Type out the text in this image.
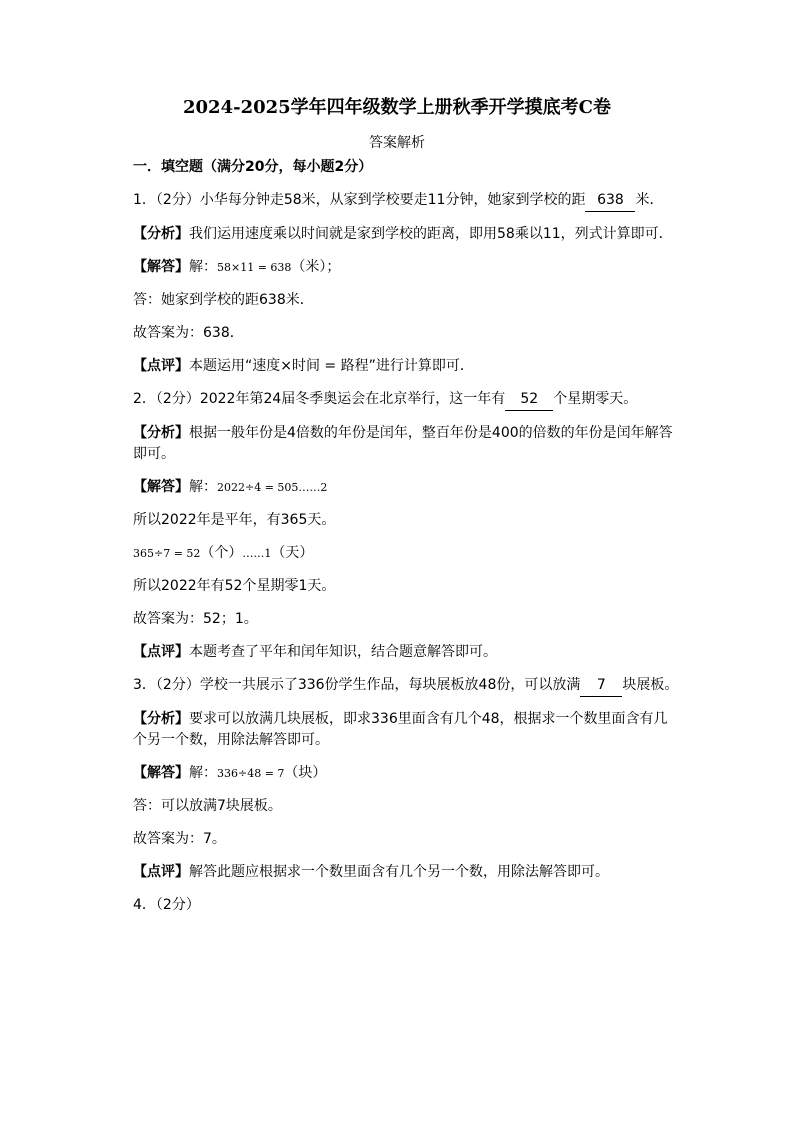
2024-2025学年四年级数学上册秋季开学摸底考C卷
答案解析
一．填空题（满分20分，每小题2分）
1．（2分）小华每分钟走58米，从家到学校要走11分钟，她家到学校的距 638 米．
【分析】我们运用速度乘以时间就是家到学校的距离，即用58乘以11，列式计算即可．
【解答】解：58×11 = 638（米）；
答：她家到学校的距638米．
故答案为：638．
【点评】本题运用“速度×时间 = 路程”进行计算即可．
2．（2分）2022年第24届冬季奥运会在北京举行，这一年有 52 个星期零天。
【分析】根据一般年份是4倍数的年份是闰年，整百年份是400的倍数的年份是闰年解答即可。
【解答】解：2022÷4 = 505……2
所以2022年是平年，有365天。
365÷7 = 52（个）……1（天）
所以2022年有52个星期零1天。
故答案为：52；1。
【点评】本题考查了平年和闰年知识，结合题意解答即可。
3．（2分）学校一共展示了336份学生作品，每块展板放48份，可以放满 7 块展板。
【分析】要求可以放满几块展板，即求336里面含有几个48，根据求一个数里面含有几个另一个数，用除法解答即可。
【解答】解：336÷48 = 7（块）
答：可以放满7块展板。
故答案为：7。
【点评】解答此题应根据求一个数里面含有几个另一个数，用除法解答即可。
4．（2分）
